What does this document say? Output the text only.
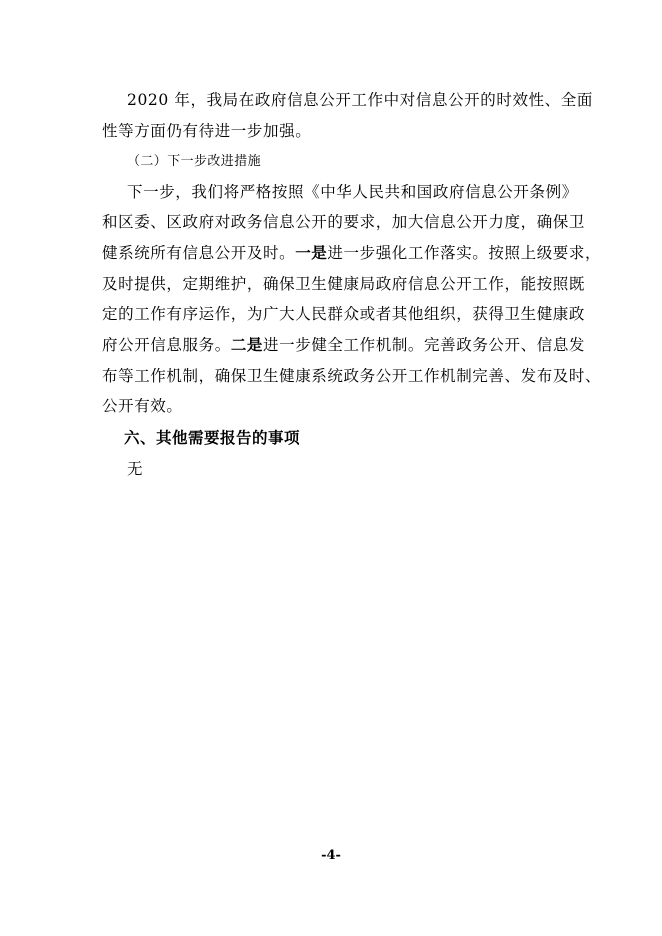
2020 年，我局在政府信息公开工作中对信息公开的时效性、全面
性等方面仍有待进一步加强。
（二）下一步改进措施
下一步，我们将严格按照《中华人民共和国政府信息公开条例》
和区委、区政府对政务信息公开的要求，加大信息公开力度，确保卫
健系统所有信息公开及时。一是进一步强化工作落实。按照上级要求，
及时提供，定期维护，确保卫生健康局政府信息公开工作，能按照既
定的工作有序运作，为广大人民群众或者其他组织，获得卫生健康政
府公开信息服务。二是进一步健全工作机制。完善政务公开、信息发
布等工作机制，确保卫生健康系统政务公开工作机制完善、发布及时、
公开有效。
六、其他需要报告的事项
无
-4-
